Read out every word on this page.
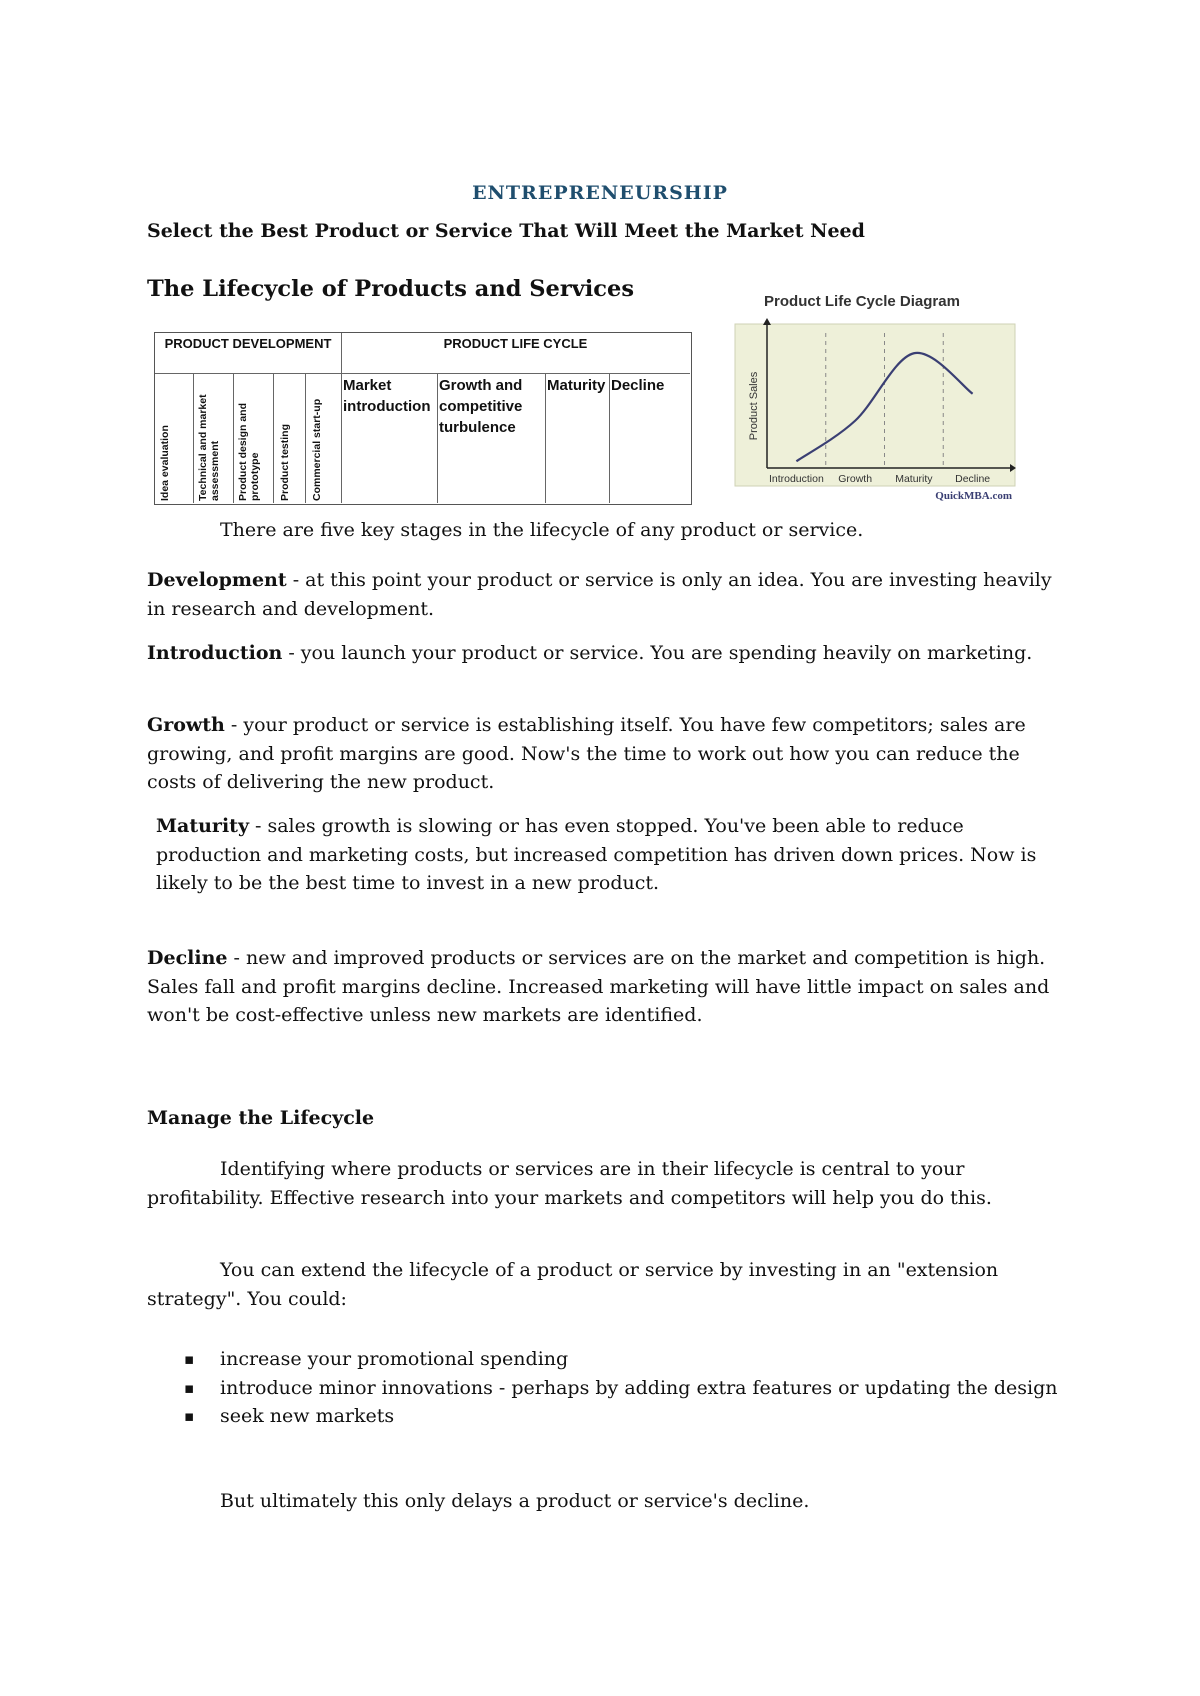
ENTREPRENEURSHIP
Select the Best Product or Service That Will Meet the Market Need
The Lifecycle of Products and Services
PRODUCT DEVELOPMENT	PRODUCT LIFE CYCLE
Idea evaluation Technical and market assessment Product design and prototype Product testing Commercial start-up
Market introduction
Growth and competitive turbulence
Maturity Decline
Product Life Cycle Diagram
Introduction Growth Maturity Decline
Product Sales
QuickMBA.com
There are five key stages in the lifecycle of any product or service.
Development - at this point your product or service is only an idea. You are investing heavily in research and development.
Introduction - you launch your product or service. You are spending heavily on marketing.
Growth - your product or service is establishing itself. You have few competitors; sales are growing, and profit margins are good. Now's the time to work out how you can reduce the costs of delivering the new product.
Maturity - sales growth is slowing or has even stopped. You've been able to reduce production and marketing costs, but increased competition has driven down prices. Now is likely to be the best time to invest in a new product.
Decline - new and improved products or services are on the market and competition is high. Sales fall and profit margins decline. Increased marketing will have little impact on sales and won't be cost-effective unless new markets are identified.
Manage the Lifecycle
Identifying where products or services are in their lifecycle is central to your profitability. Effective research into your markets and competitors will help you do this.
You can extend the lifecycle of a product or service by investing in an "extension strategy". You could:
▪ increase your promotional spending
▪ introduce minor innovations - perhaps by adding extra features or updating the design
▪ seek new markets
But ultimately this only delays a product or service's decline.
